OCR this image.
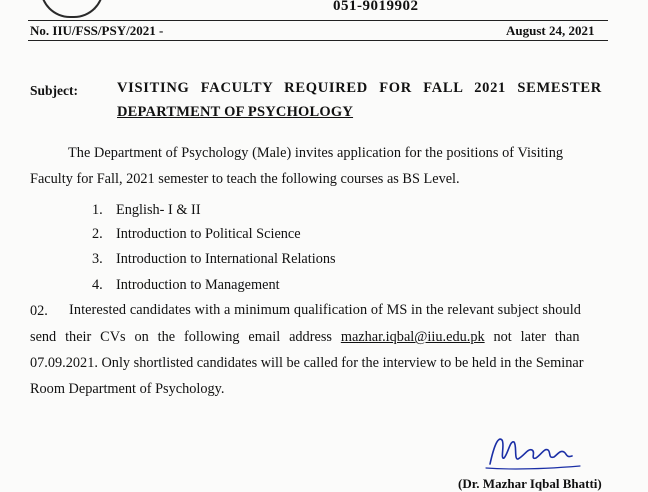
051-9019902
No. IIU/FSS/PSY/2021 -	August 24, 2021
Subject:	VISITING FACULTY REQUIRED FOR FALL 2021 SEMESTER
DEPARTMENT OF PSYCHOLOGY
The Department of Psychology (Male) invites application for the positions of Visiting
Faculty for Fall, 2021 semester to teach the following courses as BS Level.
1. English- I & II
2. Introduction to Political Science
3. Introduction to International Relations
4. Introduction to Management
02. Interested candidates with a minimum qualification of MS in the relevant subject should
send their CVs on the following email address mazhar.iqbal@iiu.edu.pk not later than
07.09.2021. Only shortlisted candidates will be called for the interview to be held in the Seminar
Room Department of Psychology.
(Dr. Mazhar Iqbal Bhatti)
